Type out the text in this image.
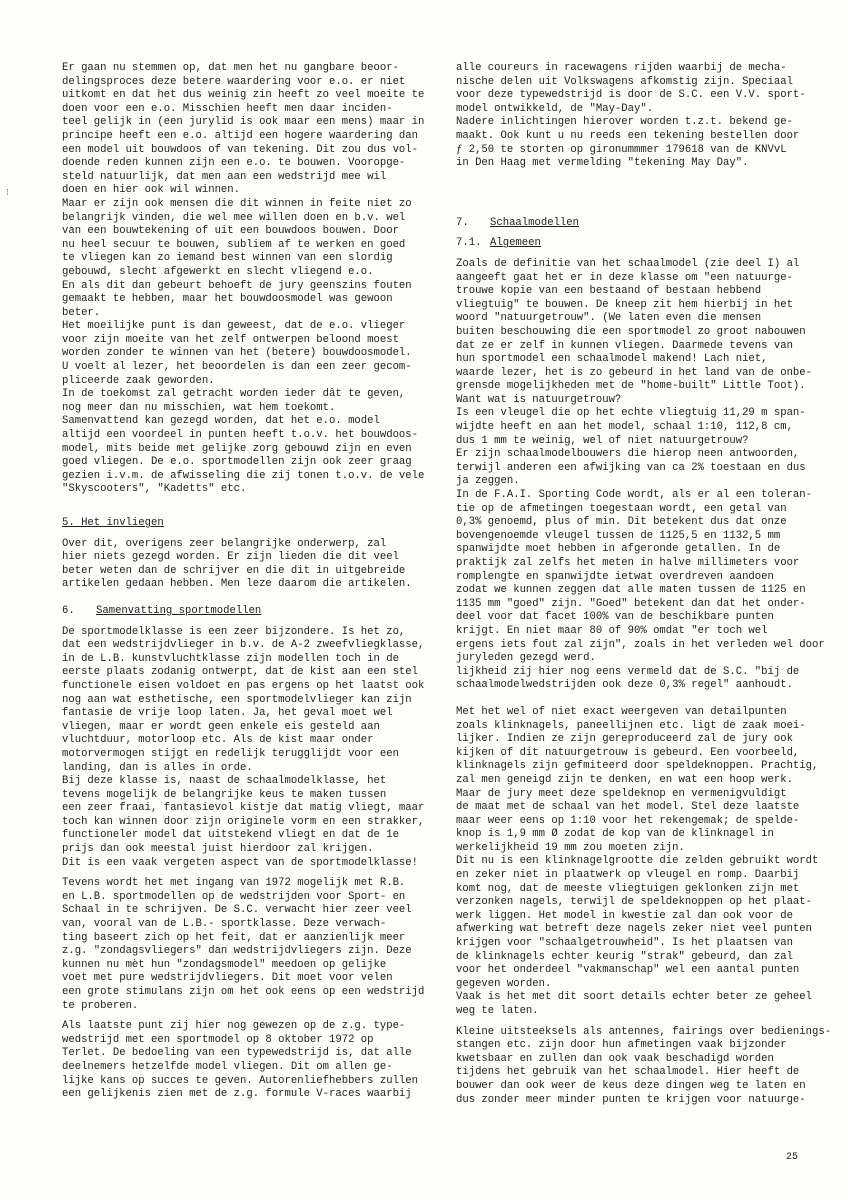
⁝

Er gaan nu stemmen op, dat men het nu gangbare beoor-
delingsproces deze betere waardering voor e.o. er niet
uitkomt en dat het dus weinig zin heeft zo veel moeite te
doen voor een e.o. Misschien heeft men daar inciden-
teel gelijk in (een jurylid is ook maar een mens) maar in
principe heeft een e.o. altijd een hogere waardering dan
een model uit bouwdoos of van tekening. Dit zou dus vol-
doende reden kunnen zijn een e.o. te bouwen. Vooropge-
steld natuurlijk, dat men aan een wedstrijd mee wil
doen en hier ook wil winnen.
Maar er zijn ook mensen die dit winnen in feite niet zo
belangrijk vinden, die wel mee willen doen en b.v. wel
van een bouwtekening of uit een bouwdoos bouwen. Door
nu heel secuur te bouwen, subliem af te werken en goed
te vliegen kan zo iemand best winnen van een slordig
gebouwd, slecht afgewerkt en slecht vliegend e.o.
En als dit dan gebeurt behoeft de jury geenszins fouten
gemaakt te hebben, maar het bouwdoosmodel was gewoon
beter.
Het moeilijke punt is dan geweest, dat de e.o. vlieger
voor zijn moeite van het zelf ontwerpen beloond moest
worden zonder te winnen van het (betere) bouwdoosmodel.
U voelt al lezer, het beoordelen is dan een zeer gecom-
pliceerde zaak geworden.
In de toekomst zal getracht worden ieder dât te geven,
nog meer dan nu misschien, wat hem toekomt.
Samenvattend kan gezegd worden, dat het e.o. model
altijd een voordeel in punten heeft t.o.v. het bouwdoos-
model, mits beide met gelijke zorg gebouwd zijn en even
goed vliegen. De e.o. sportmodellen zijn ook zeer graag
gezien i.v.m. de afwisseling die zij tonen t.o.v. de vele
"Skyscooters", "Kadetts" etc.

5. Het invliegen

Over dit, overigens zeer belangrijke onderwerp, zal
hier niets gezegd worden. Er zijn lieden die dit veel
beter weten dan de schrijver en die dit in uitgebreide
artikelen gedaan hebben. Men leze daarom die artikelen.

6. Samenvatting sportmodellen

De sportmodelklasse is een zeer bijzondere. Is het zo,
dat een wedstrijdvlieger in b.v. de A-2 zweefvliegklasse,
in de L.B. kunstvluchtklasse zijn modellen toch in de
eerste plaats zodanig ontwerpt, dat de kist aan een stel
functionele eisen voldoet en pas ergens op het laatst ook
nog aan wat esthetische, een sportmodelvlieger kan zijn
fantasie de vrije loop laten. Ja, het geval moet wel
vliegen, maar er wordt geen enkele eis gesteld aan
vluchtduur, motorloop etc. Als de kist maar onder
motorvermogen stijgt en redelijk terugglijdt voor een
landing, dan is alles in orde.
Bij deze klasse is, naast de schaalmodelklasse, het
tevens mogelijk de belangrijke keus te maken tussen
een zeer fraai, fantasievol kistje dat matig vliegt, maar
toch kan winnen door zijn originele vorm en een strakker,
functioneler model dat uitstekend vliegt en dat de 1e
prijs dan ook meestal juist hierdoor zal krijgen.
Dit is een vaak vergeten aspect van de sportmodelklasse!

Tevens wordt het met ingang van 1972 mogelijk met R.B.
en L.B. sportmodellen op de wedstrijden voor Sport- en
Schaal in te schrijven. De S.C. verwacht hier zeer veel
van, vooral van de L.B.- sportklasse. Deze verwach-
ting baseert zich op het feit, dat er aanzienlijk meer
z.g. "zondagsvliegers" dan wedstrijdvliegers zijn. Deze
kunnen nu mèt hun "zondagsmodel" meedoen op gelijke
voet met pure wedstrijdvliegers. Dit moet voor velen
een grote stimulans zijn om het ook eens op een wedstrijd
te proberen.

Als laatste punt zij hier nog gewezen op de z.g. type-
wedstrijd met een sportmodel op 8 oktober 1972 op
Terlet. De bedoeling van een typewedstrijd is, dat alle
deelnemers hetzelfde model vliegen. Dit om allen ge-
lijke kans op succes te geven. Autorenliefhebbers zullen
een gelijkenis zien met de z.g. formule V-races waarbij

alle coureurs in racewagens rijden waarbij de mecha-
nische delen uit Volkswagens afkomstig zijn. Speciaal
voor deze typewedstrijd is door de S.C. een V.V. sport-
model ontwikkeld, de "May-Day".
Nadere inlichtingen hierover worden t.z.t. bekend ge-
maakt. Ook kunt u nu reeds een tekening bestellen door
ƒ 2,50 te storten op gironummmer 179618 van de KNVvL
in Den Haag met vermelding "tekening May Day".

7. Schaalmodellen

7.1. Algemeen

Zoals de definitie van het schaalmodel (zie deel I) al
aangeeft gaat het er in deze klasse om "een natuurge-
trouwe kopie van een bestaand of bestaan hebbend
vliegtuig" te bouwen. De kneep zit hem hierbij in het
woord "natuurgetrouw". (We laten even die mensen
buiten beschouwing die een sportmodel zo groot nabouwen
dat ze er zelf in kunnen vliegen. Daarmede tevens van
hun sportmodel een schaalmodel makend! Lach niet,
waarde lezer, het is zo gebeurd in het land van de onbe-
grensde mogelijkheden met de "home-built" Little Toot).
Want wat is natuurgetrouw?
Is een vleugel die op het echte vliegtuig 11,29 m span-
wijdte heeft en aan het model, schaal 1:10, 112,8 cm,
dus 1 mm te weinig, wel of niet natuurgetrouw?
Er zijn schaalmodelbouwers die hierop neen antwoorden,
terwijl anderen een afwijking van ca 2% toestaan en dus
ja zeggen.
In de F.A.I. Sporting Code wordt, als er al een toleran-
tie op de afmetingen toegestaan wordt, een getal van
0,3% genoemd, plus of min. Dit betekent dus dat onze
bovengenoemde vleugel tussen de 1125,5 en 1132,5 mm
spanwijdte moet hebben in afgeronde getallen. In de
praktijk zal zelfs het meten in halve millimeters voor
romplengte en spanwijdte ietwat overdreven aandoen
zodat we kunnen zeggen dat alle maten tussen de 1125 en
1135 mm "goed" zijn. "Goed" betekent dan dat het onder-
deel voor dat facet 100% van de beschikbare punten
krijgt. En niet maar 80 of 90% omdat "er toch wel
ergens iets fout zal zijn", zoals in het verleden wel door
juryleden gezegd werd.
lijkheid zij hier nog eens vermeld dat de S.C. "bij de
schaalmodelwedstrijden ook deze 0,3% regel" aanhoudt.

Met het wel of niet exact weergeven van detailpunten
zoals klinknagels, paneellijnen etc. ligt de zaak moei-
lijker. Indien ze zijn gereproduceerd zal de jury ook
kijken of dit natuurgetrouw is gebeurd. Een voorbeeld,
klinknagels zijn gefmiteerd door speldeknoppen. Prachtig,
zal men geneigd zijn te denken, en wat een hoop werk.
Maar de jury meet deze speldeknop en vermenigvuldigt
de maat met de schaal van het model. Stel deze laatste
maar weer eens op 1:10 voor het rekengemak; de spelde-
knop is 1,9 mm Ø zodat de kop van de klinknagel in
werkelijkheid 19 mm zou moeten zijn.
Dit nu is een klinknagelgrootte die zelden gebruikt wordt
en zeker niet in plaatwerk op vleugel en romp. Daarbij
komt nog, dat de meeste vliegtuigen geklonken zijn met
verzonken nagels, terwijl de speldeknoppen op het plaat-
werk liggen. Het model in kwestie zal dan ook voor de
afwerking wat betreft deze nagels zeker niet veel punten
krijgen voor "schaalgetrouwheid". Is het plaatsen van
de klinknagels echter keurig "strak" gebeurd, dan zal
voor het onderdeel "vakmanschap" wel een aantal punten
gegeven worden.
Vaak is het met dit soort details echter beter ze geheel
weg te laten.

Kleine uitsteeksels als antennes, fairings over bedienings-
stangen etc. zijn door hun afmetingen vaak bijzonder
kwetsbaar en zullen dan ook vaak beschadigd worden
tijdens het gebruik van het schaalmodel. Hier heeft de
bouwer dan ook weer de keus deze dingen weg te laten en
dus zonder meer minder punten te krijgen voor natuurge-

25
